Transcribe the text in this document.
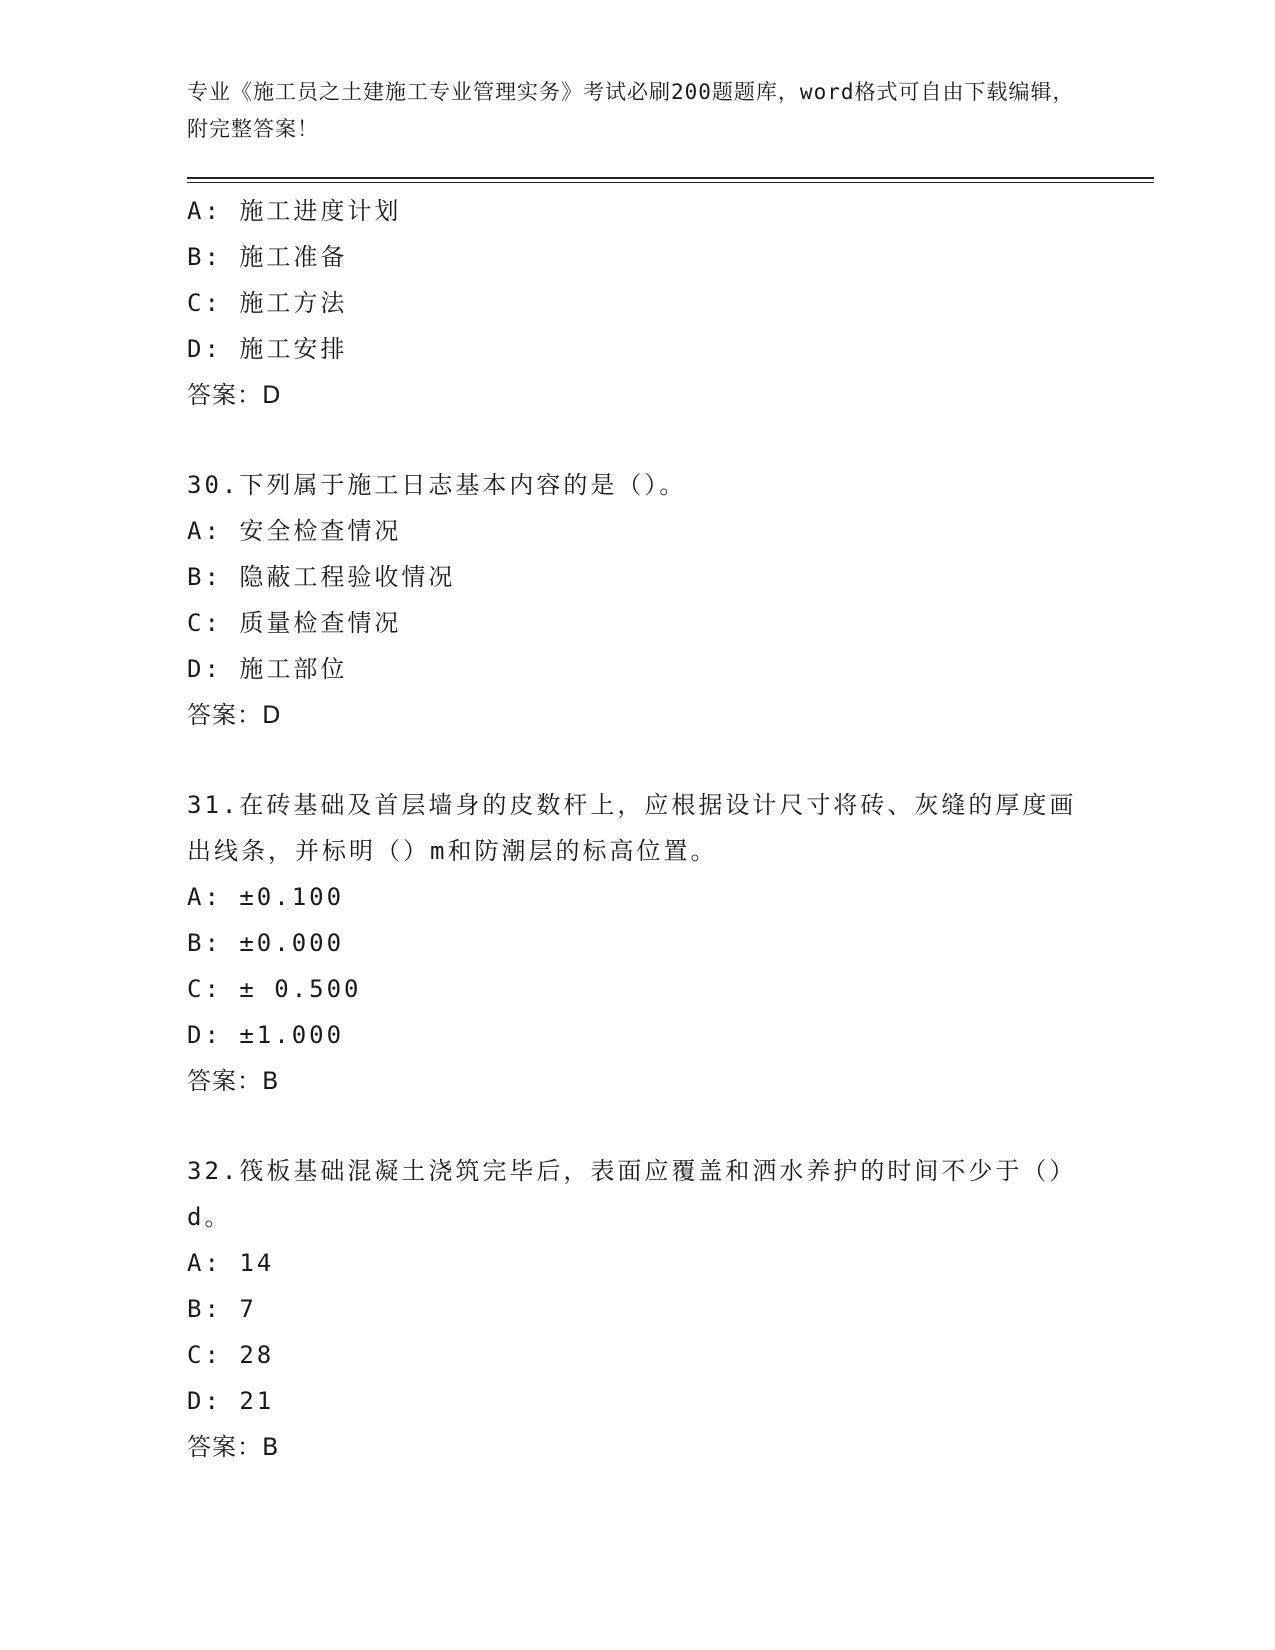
专业《施工员之土建施工专业管理实务》考试必刷200题题库，word格式可自由下载编辑，附完整答案！
A: 施工进度计划
B: 施工准备
C: 施工方法
D: 施工安排
答案：D
30.下列属于施工日志基本内容的是（）。
A: 安全检查情况
B: 隐蔽工程验收情况
C: 质量检查情况
D: 施工部位
答案：D
31.在砖基础及首层墙身的皮数杆上，应根据设计尺寸将砖、灰缝的厚度画出线条，并标明（）m和防潮层的标高位置。
A: ±0.100
B: ±0.000
C: ± 0.500
D: ±1.000
答案：B
32.筏板基础混凝土浇筑完毕后，表面应覆盖和洒水养护的时间不少于（）d。
A: 14
B: 7
C: 28
D: 21
答案：B
